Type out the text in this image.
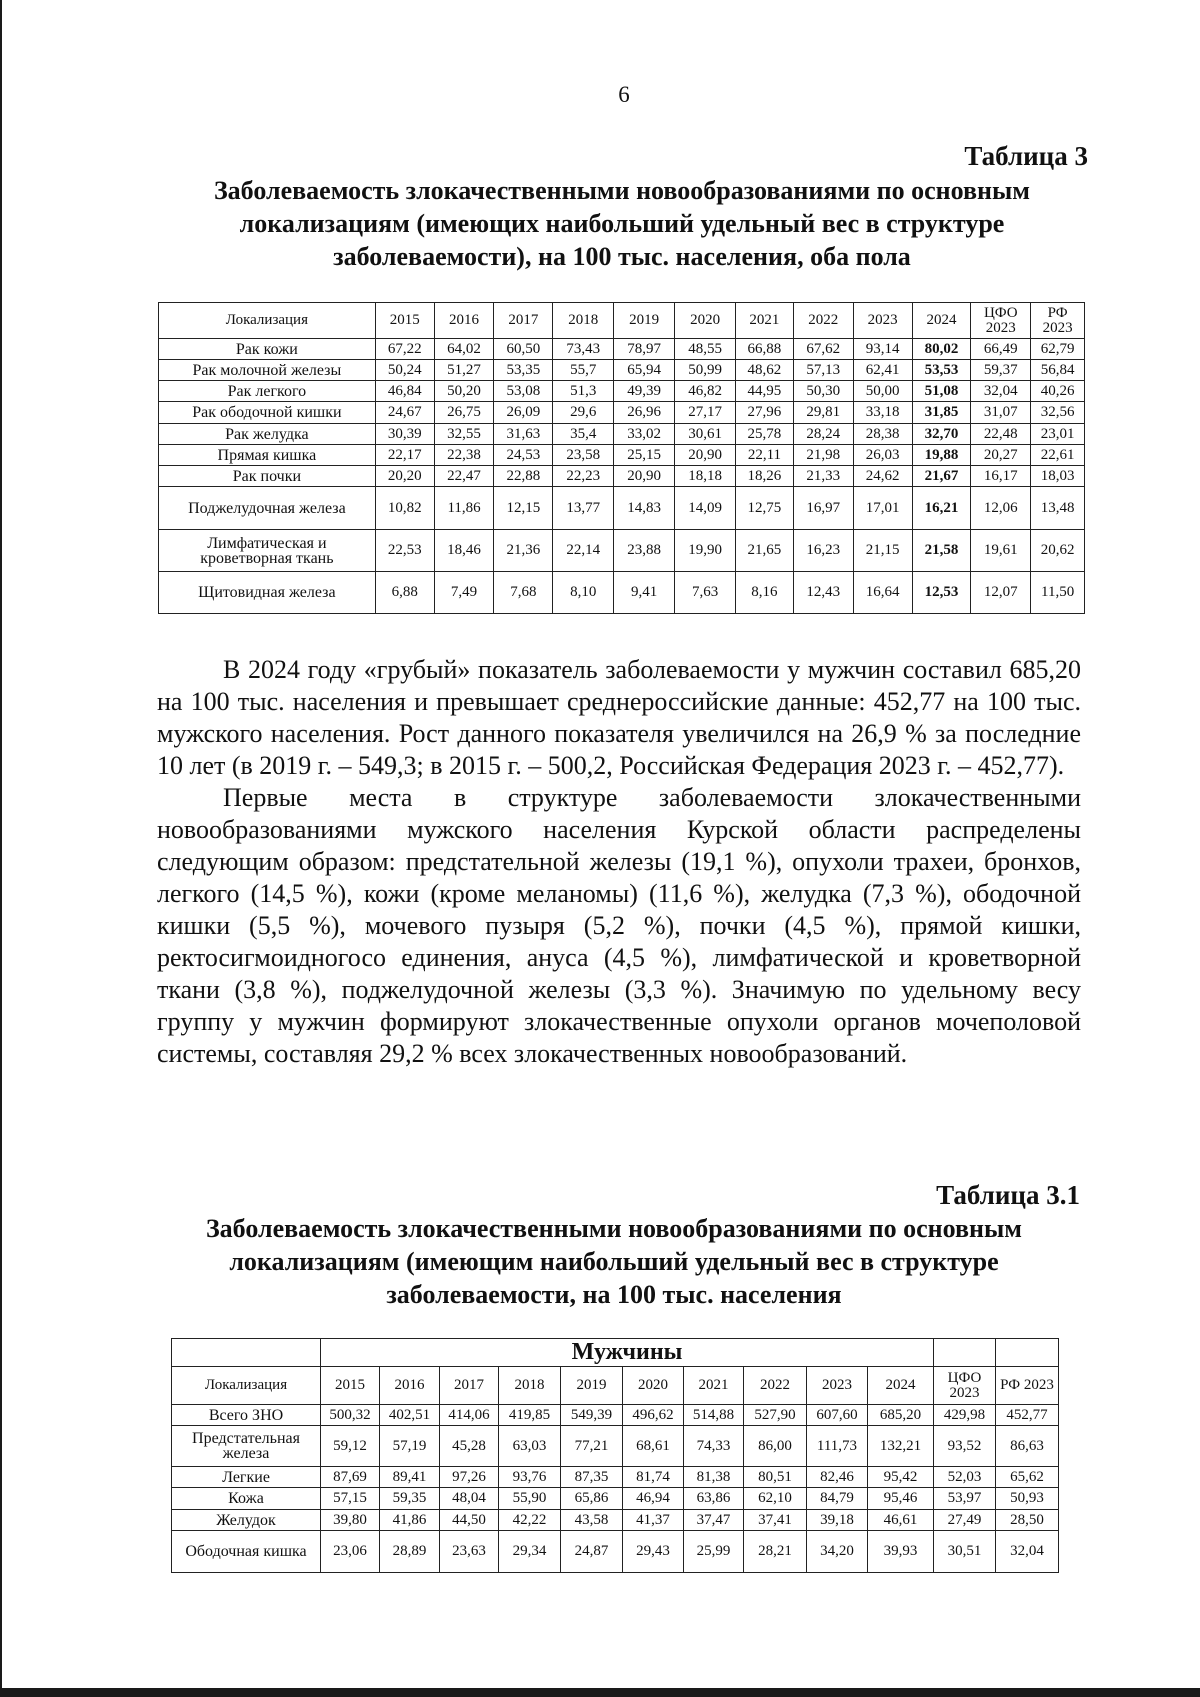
6
Таблица 3
Заболеваемость злокачественными новообразованиями по основным
локализациям (имеющих наибольший удельный вес в структуре
заболеваемости), на 100 тыс. населения, оба пола
Локализация	2015	2016	2017	2018	2019	2020	2021	2022	2023	2024	ЦФО 2023	РФ 2023
Рак кожи	67,22	64,02	60,50	73,43	78,97	48,55	66,88	67,62	93,14	80,02	66,49	62,79
Рак молочной железы	50,24	51,27	53,35	55,7	65,94	50,99	48,62	57,13	62,41	53,53	59,37	56,84
Рак легкого	46,84	50,20	53,08	51,3	49,39	46,82	44,95	50,30	50,00	51,08	32,04	40,26
Рак ободочной кишки	24,67	26,75	26,09	29,6	26,96	27,17	27,96	29,81	33,18	31,85	31,07	32,56
Рак желудка	30,39	32,55	31,63	35,4	33,02	30,61	25,78	28,24	28,38	32,70	22,48	23,01
Прямая кишка	22,17	22,38	24,53	23,58	25,15	20,90	22,11	21,98	26,03	19,88	20,27	22,61
Рак почки	20,20	22,47	22,88	22,23	20,90	18,18	18,26	21,33	24,62	21,67	16,17	18,03
Поджелудочная железа	10,82	11,86	12,15	13,77	14,83	14,09	12,75	16,97	17,01	16,21	12,06	13,48
Лимфатическая и кроветворная ткань	22,53	18,46	21,36	22,14	23,88	19,90	21,65	16,23	21,15	21,58	19,61	20,62
Щитовидная железа	6,88	7,49	7,68	8,10	9,41	7,63	8,16	12,43	16,64	12,53	12,07	11,50

В 2024 году «грубый» показатель заболеваемости у мужчин составил 685,20 на 100 тыс. населения и превышает среднероссийские данные: 452,77 на 100 тыс. мужского населения. Рост данного показателя увеличился на 26,9 % за последние 10 лет (в 2019 г. – 549,3; в 2015 г. – 500,2, Российская Федерация 2023 г. – 452,77).

Первые места в структуре заболеваемости злокачественными новообразованиями мужского населения Курской области распределены следующим образом: предстательной железы (19,1 %), опухоли трахеи, бронхов, легкого (14,5 %), кожи (кроме меланомы) (11,6 %), желудка (7,3 %), ободочной кишки (5,5 %), мочевого пузыря (5,2 %), почки (4,5 %), прямой кишки, ректосигмоидногосо единения, ануса (4,5 %), лимфатической и кроветворной ткани (3,8 %), поджелудочной железы (3,3 %). Значимую по удельному весу группу у мужчин формируют злокачественные опухоли органов мочеполовой системы, составляя 29,2 % всех злокачественных новообразований.

Таблица 3.1
Заболеваемость злокачественными новообразованиями по основным
локализациям (имеющим наибольший удельный вес в структуре
заболеваемости, на 100 тыс. населения
	Мужчины											
Локализация	2015	2016	2017	2018	2019	2020	2021	2022	2023	2024	ЦФО 2023	РФ 2023
Всего ЗНО	500,32	402,51	414,06	419,85	549,39	496,62	514,88	527,90	607,60	685,20	429,98	452,77
Предстательная железа	59,12	57,19	45,28	63,03	77,21	68,61	74,33	86,00	111,73	132,21	93,52	86,63
Легкие	87,69	89,41	97,26	93,76	87,35	81,74	81,38	80,51	82,46	95,42	52,03	65,62
Кожа	57,15	59,35	48,04	55,90	65,86	46,94	63,86	62,10	84,79	95,46	53,97	50,93
Желудок	39,80	41,86	44,50	42,22	43,58	41,37	37,47	37,41	39,18	46,61	27,49	28,50
Ободочная кишка	23,06	28,89	23,63	29,34	24,87	29,43	25,99	28,21	34,20	39,93	30,51	32,04
